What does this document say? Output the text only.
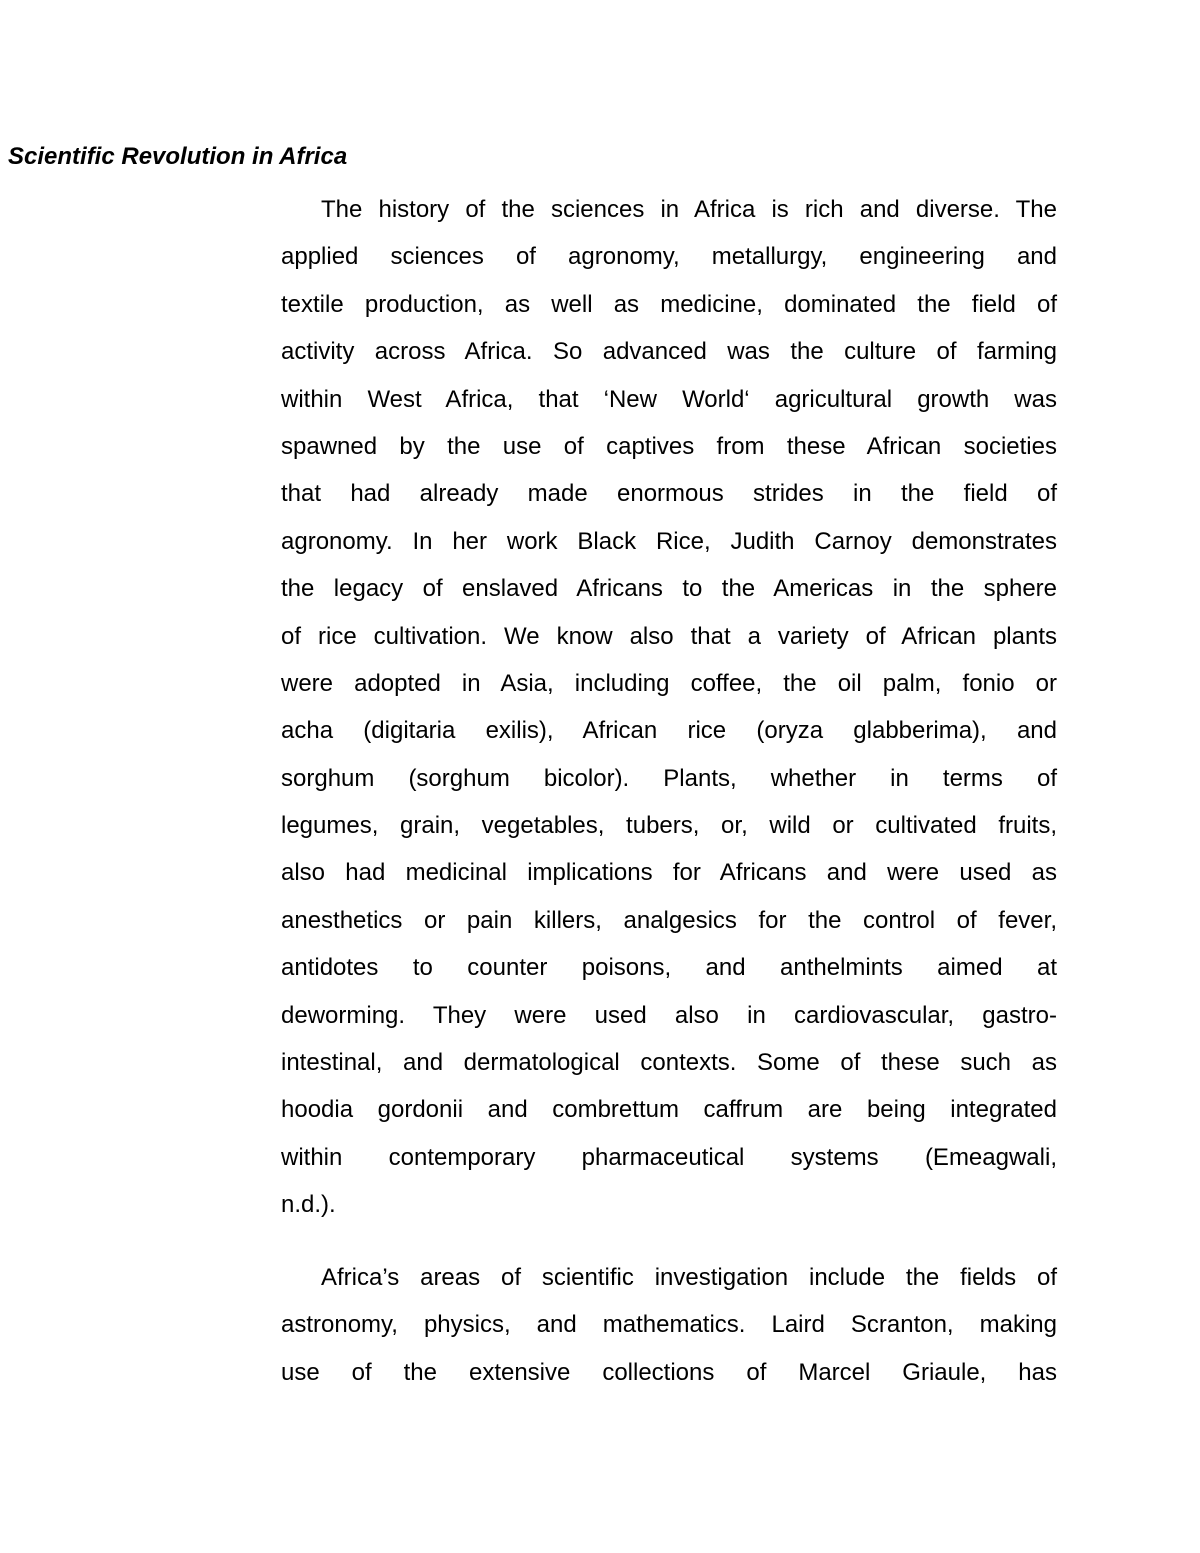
Scientific Revolution in Africa
The history of the sciences in Africa is rich and diverse. The
applied sciences of agronomy, metallurgy, engineering and
textile production, as well as medicine, dominated the field of
activity across Africa. So advanced was the culture of farming
within West Africa, that ‘New World‘ agricultural growth was
spawned by the use of captives from these African societies
that had already made enormous strides in the field of
agronomy. In her work Black Rice, Judith Carnoy demonstrates
the legacy of enslaved Africans to the Americas in the sphere
of rice cultivation. We know also that a variety of African plants
were adopted in Asia, including coffee, the oil palm, fonio or
acha (digitaria exilis), African rice (oryza glabberima), and
sorghum (sorghum bicolor). Plants, whether in terms of
legumes, grain, vegetables, tubers, or, wild or cultivated fruits,
also had medicinal implications for Africans and were used as
anesthetics or pain killers, analgesics for the control of fever,
antidotes to counter poisons, and anthelmints aimed at
deworming. They were used also in cardiovascular, gastro-
intestinal, and dermatological contexts. Some of these such as
hoodia gordonii and combrettum caffrum are being integrated
within contemporary pharmaceutical systems (Emeagwali,
n.d.).
Africa’s areas of scientific investigation include the fields of
astronomy, physics, and mathematics. Laird Scranton, making
use of the extensive collections of Marcel Griaule, has
